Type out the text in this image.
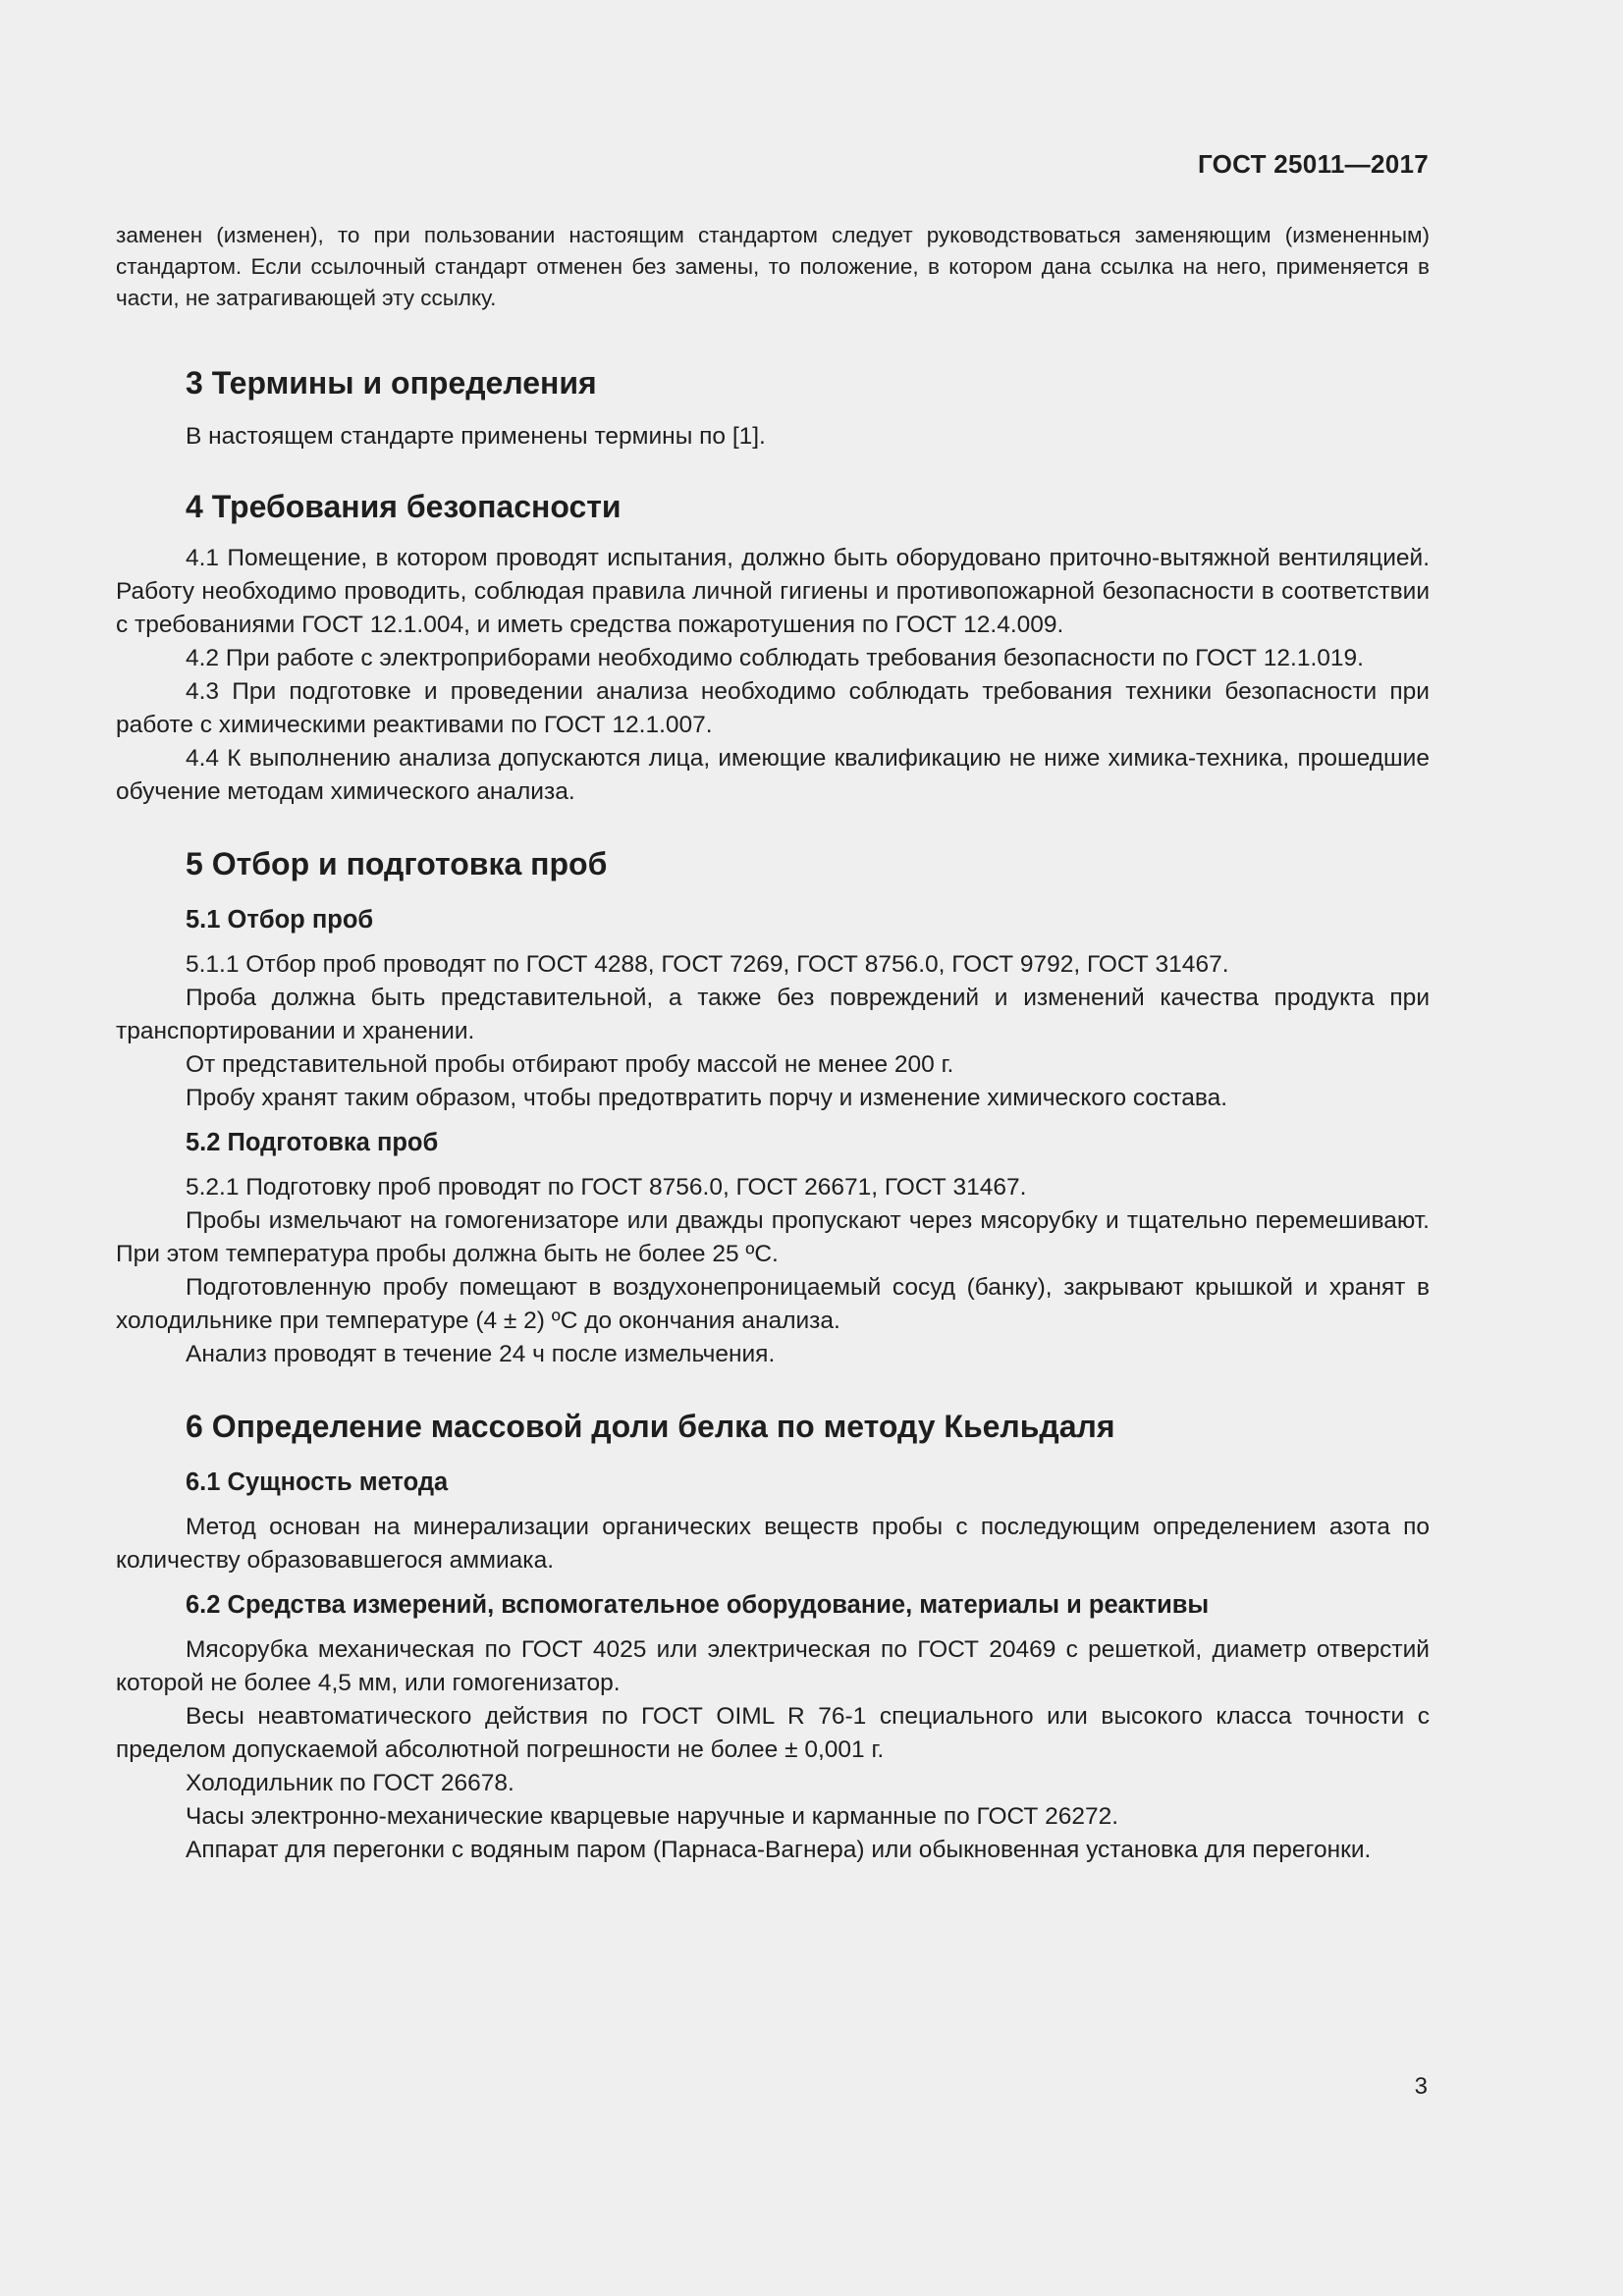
ГОСТ 25011—2017

заменен (изменен), то при пользовании настоящим стандартом следует руководствоваться заменяющим (измененным) стандартом. Если ссылочный стандарт отменен без замены, то положение, в котором дана ссылка на него, применяется в части, не затрагивающей эту ссылку.

3 Термины и определения

В настоящем стандарте применены термины по [1].

4 Требования безопасности

4.1 Помещение, в котором проводят испытания, должно быть оборудовано приточно-вытяжной вентиляцией. Работу необходимо проводить, соблюдая правила личной гигиены и противопожарной безопасности в соответствии с требованиями ГОСТ 12.1.004, и иметь средства пожаротушения по ГОСТ 12.4.009.

4.2 При работе с электроприборами необходимо соблюдать требования безопасности по ГОСТ 12.1.019.

4.3 При подготовке и проведении анализа необходимо соблюдать требования техники безопасности при работе с химическими реактивами по ГОСТ 12.1.007.

4.4 К выполнению анализа допускаются лица, имеющие квалификацию не ниже химика-техника, прошедшие обучение методам химического анализа.

5 Отбор и подготовка проб
5.1 Отбор проб

5.1.1 Отбор проб проводят по ГОСТ 4288, ГОСТ 7269, ГОСТ 8756.0, ГОСТ 9792, ГОСТ 31467.

Проба должна быть представительной, а также без повреждений и изменений качества продукта при транспортировании и хранении.

От представительной пробы отбирают пробу массой не менее 200 г.

Пробу хранят таким образом, чтобы предотвратить порчу и изменение химического состава.

5.2 Подготовка проб

5.2.1 Подготовку проб проводят по ГОСТ 8756.0, ГОСТ 26671, ГОСТ 31467.

Пробы измельчают на гомогенизаторе или дважды пропускают через мясорубку и тщательно перемешивают. При этом температура пробы должна быть не более 25 ºС.

Подготовленную пробу помещают в воздухонепроницаемый сосуд (банку), закрывают крышкой и хранят в холодильнике при температуре (4 ± 2) ºС до окончания анализа.

Анализ проводят в течение 24 ч после измельчения.

6 Определение массовой доли белка по методу Кьельдаля
6.1 Сущность метода

Метод основан на минерализации органических веществ пробы с последующим определением азота по количеству образовавшегося аммиака.

6.2 Средства измерений, вспомогательное оборудование, материалы и реактивы

Мясорубка механическая по ГОСТ 4025 или электрическая по ГОСТ 20469 с решеткой, диаметр отверстий которой не более 4,5 мм, или гомогенизатор.

Весы неавтоматического действия по ГОСТ OIML R 76-1 специального или высокого класса точности с пределом допускаемой абсолютной погрешности не более ± 0,001 г.

Холодильник по ГОСТ 26678.

Часы электронно-механические кварцевые наручные и карманные по ГОСТ 26272.

Аппарат для перегонки с водяным паром (Парнаса-Вагнера) или обыкновенная установка для перегонки.

3
